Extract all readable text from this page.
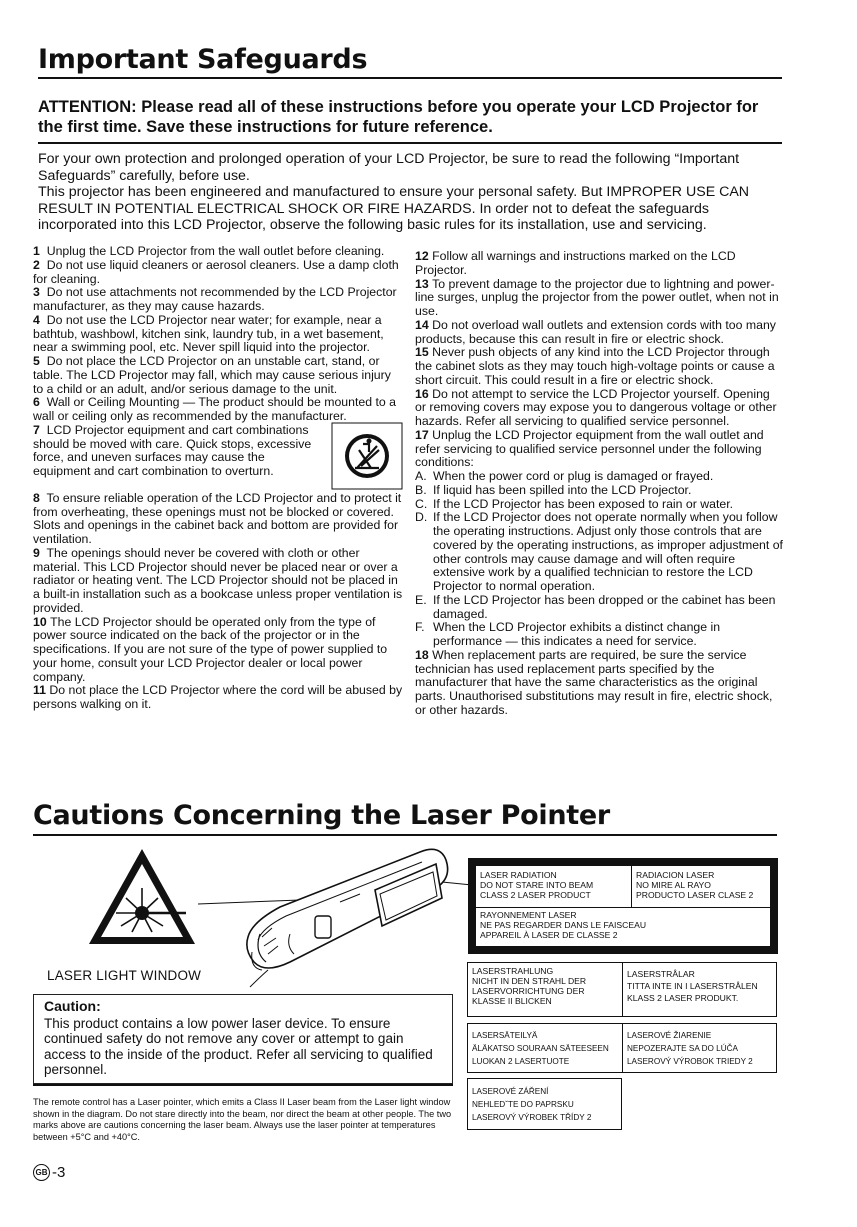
Important Safeguards
ATTENTION: Please read all of these instructions before you operate your LCD Projector for the first time. Save these instructions for future reference.

For your own protection and prolonged operation of your LCD Projector, be sure to read the following “Important Safeguards” carefully, before use.

This projector has been engineered and manufactured to ensure your personal safety. But IMPROPER USE CAN RESULT IN POTENTIAL ELECTRICAL SHOCK OR FIRE HAZARDS. In order not to defeat the safeguards incorporated into this LCD Projector, observe the following basic rules for its installation, use and servicing.

1 Unplug the LCD Projector from the wall outlet before cleaning.

2 Do not use liquid cleaners or aerosol cleaners. Use a damp cloth for cleaning.

3 Do not use attachments not recommended by the LCD Projector manufacturer, as they may cause hazards.

4 Do not use the LCD Projector near water; for example, near a bathtub, washbowl, kitchen sink, laundry tub, in a wet basement, near a swimming pool, etc. Never spill liquid into the projector.

5 Do not place the LCD Projector on an unstable cart, stand, or table. The LCD Projector may fall, which may cause serious injury to a child or an adult, and/or serious damage to the unit.

6 Wall or Ceiling Mounting — The product should be mounted to a wall or ceiling only as recommended by the manufacturer.

7 LCD Projector equipment and cart combinations should be moved with care. Quick stops, excessive force, and uneven surfaces may cause the equipment and cart combination to overturn.

8 To ensure reliable operation of the LCD Projector and to protect it from overheating, these openings must not be blocked or covered. Slots and openings in the cabinet back and bottom are provided for ventilation.

9 The openings should never be covered with cloth or other material. This LCD Projector should never be placed near or over a radiator or heating vent. The LCD Projector should not be placed in a built-in installation such as a bookcase unless proper ventilation is provided.

10 The LCD Projector should be operated only from the type of power source indicated on the back of the projector or in the specifications. If you are not sure of the type of power supplied to your home, consult your LCD Projector dealer or local power company.

11 Do not place the LCD Projector where the cord will be abused by persons walking on it.

12 Follow all warnings and instructions marked on the LCD Projector.

13 To prevent damage to the projector due to lightning and power-line surges, unplug the projector from the power outlet, when not in use.

14 Do not overload wall outlets and extension cords with too many products, because this can result in fire or electric shock.

15 Never push objects of any kind into the LCD Projector through the cabinet slots as they may touch high-voltage points or cause a short circuit. This could result in a fire or electric shock.

16 Do not attempt to service the LCD Projector yourself. Opening or removing covers may expose you to dangerous voltage or other hazards. Refer all servicing to qualified service personnel.

17 Unplug the LCD Projector equipment from the wall outlet and refer servicing to qualified service personnel under the following conditions:

A. When the power cord or plug is damaged or frayed.
B. If liquid has been spilled into the LCD Projector.
C. If the LCD Projector has been exposed to rain or water.
D. If the LCD Projector does not operate normally when you follow the operating instructions. Adjust only those controls that are covered by the operating instructions, as improper adjustment of other controls may cause damage and will often require extensive work by a qualified technician to restore the LCD Projector to normal operation.
E. If the LCD Projector has been dropped or the cabinet has been damaged.
F. When the LCD Projector exhibits a distinct change in performance — this indicates a need for service.

18 When replacement parts are required, be sure the service technician has used replacement parts specified by the manufacturer that have the same characteristics as the original parts. Unauthorised substitutions may result in fire, electric shock, or other hazards.

Cautions Concerning the Laser Pointer
LASER LIGHT WINDOW
Caution:
This product contains a low power laser device. To ensure continued safety do not remove any cover or attempt to gain access to the inside of the product. Refer all servicing to qualified personnel.
The remote control has a Laser pointer, which emits a Class II Laser beam from the Laser light window shown in the diagram. Do not stare directly into the beam, nor direct the beam at other people. The two marks above are cautions concerning the laser beam. Always use the laser pointer at temperatures between +5°C and +40°C.
GB -3
LASER RADIATION
DO NOT STARE INTO BEAM
CLASS 2 LASER PRODUCT
RADIACION LASER
NO MIRE AL RAYO
PRODUCTO LASER CLASE 2
RAYONNEMENT LASER
NE PAS REGARDER DANS LE FAISCEAU
APPAREIL À LASER DE CLASSE 2
LASERSTRAHLUNG
NICHT IN DEN STRAHL DER
LASERVORRICHTUNG DER
KLASSE II BLICKEN
LASERSTRÅLAR
TITTA INTE IN I LASERSTRÅLEN
KLASS 2 LASER PRODUKT.
LASERSÄTEILYÄ
ÄLÄKATSO SOURAAN SÄTEESEEN
LUOKAN 2 LASERTUOTE
LASEROVÉ ŽIARENIE
NEPOZERAJTE SA DO LÚČA
LASEROVÝ VÝROBOK TRIEDY 2
LASEROVÉ ZÁŘENÍ
NEHLEDˇTE DO PAPRSKU
LASEROVÝ VÝROBEK TŘÍDY 2
